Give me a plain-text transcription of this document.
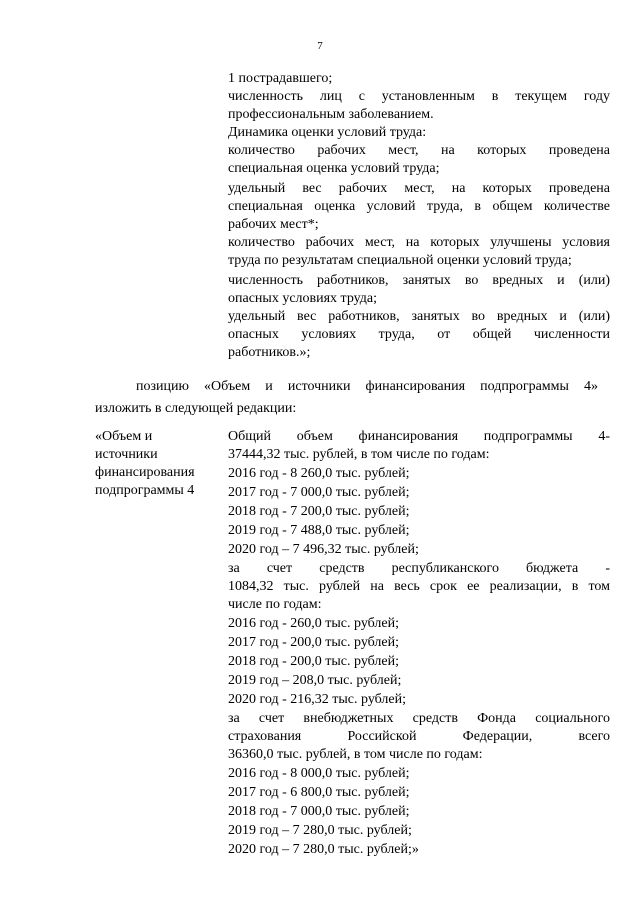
7
1 пострадавшего;
численность лиц с установленным в текущем году
профессиональным заболеванием.
Динамика оценки условий труда:
количество рабочих мест, на которых проведена
специальная оценка условий труда;
удельный вес рабочих мест, на которых проведена
специальная оценка условий труда, в общем количестве
рабочих мест*;
количество рабочих мест, на которых улучшены условия
труда по результатам специальной оценки условий труда;
численность работников, занятых во вредных и (или)
опасных условиях труда;
удельный вес работников, занятых во вредных и (или)
опасных условиях труда, от общей численности
работников.»;
позицию «Объем и источники финансирования подпрограммы 4»
изложить в следующей редакции:
«Объем и
источники
финансирования
подпрограммы 4
Общий объем финансирования подпрограммы 4-
37444,32 тыс. рублей, в том числе по годам:
2016 год - 8 260,0 тыс. рублей;
2017 год - 7 000,0 тыс. рублей;
2018 год - 7 200,0 тыс. рублей;
2019 год - 7 488,0 тыс. рублей;
2020 год – 7 496,32 тыс. рублей;
за счет средств республиканского бюджета -
1084,32 тыс. рублей на весь срок ее реализации, в том
числе по годам:
2016 год - 260,0 тыс. рублей;
2017 год - 200,0 тыс. рублей;
2018 год - 200,0 тыс. рублей;
2019 год – 208,0 тыс. рублей;
2020 год - 216,32 тыс. рублей;
за счет внебюджетных средств Фонда социального
страхования Российской Федерации, всего
36360,0 тыс. рублей, в том числе по годам:
2016 год - 8 000,0 тыс. рублей;
2017 год - 6 800,0 тыс. рублей;
2018 год - 7 000,0 тыс. рублей;
2019 год – 7 280,0 тыс. рублей;
2020 год – 7 280,0 тыс. рублей;»
